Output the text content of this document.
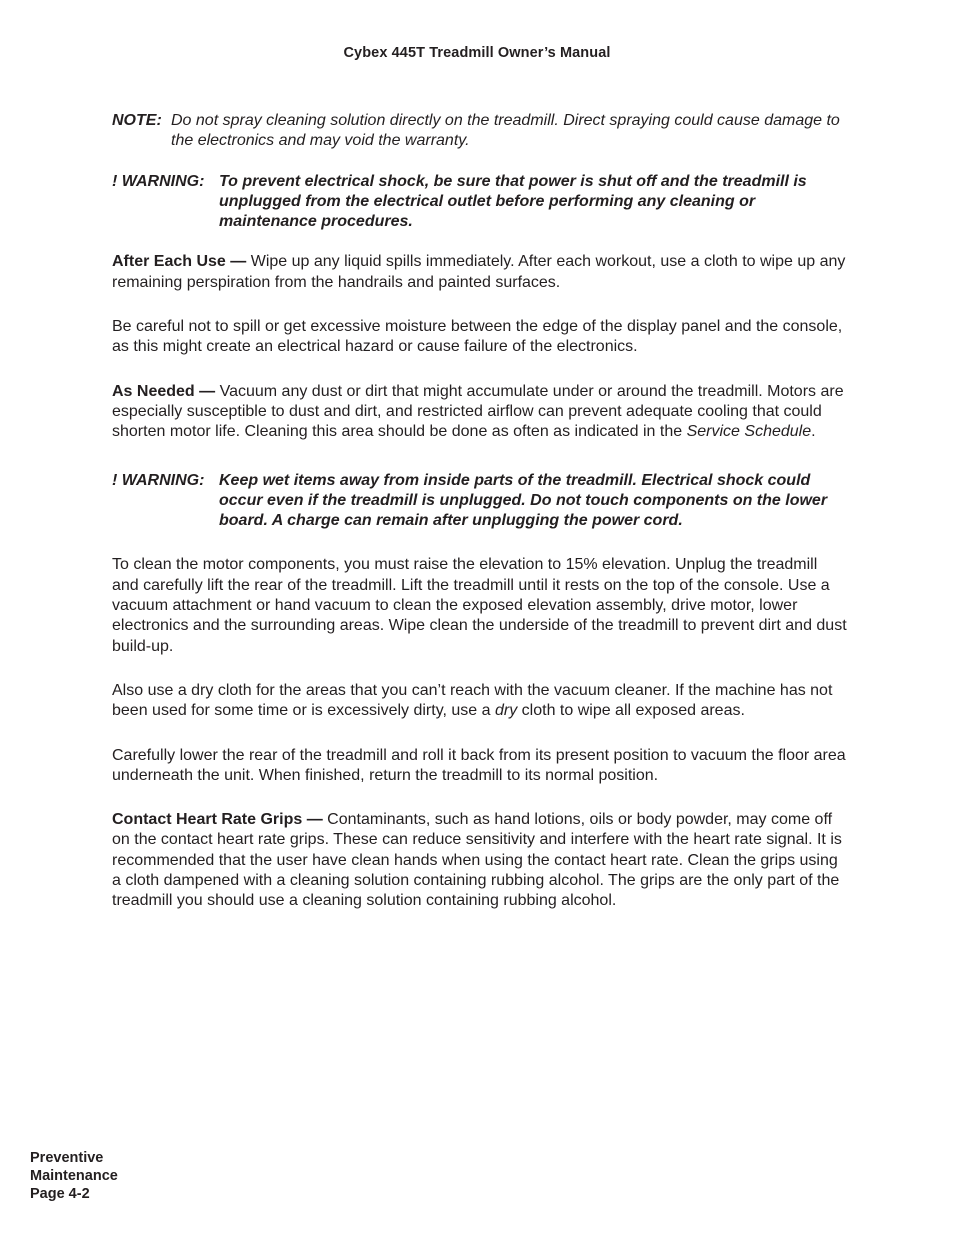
Cybex 445T Treadmill Owner’s Manual
NOTE: Do not spray cleaning solution directly on the treadmill. Direct spraying could cause damage to the electronics and may void the warranty.
! WARNING: To prevent electrical shock, be sure that power is shut off and the treadmill is unplugged from the electrical outlet before performing any cleaning or maintenance procedures.

After Each Use — Wipe up any liquid spills immediately. After each workout, use a cloth to wipe up any remaining perspiration from the handrails and painted surfaces.

Be careful not to spill or get excessive moisture between the edge of the display panel and the console, as this might create an electrical hazard or cause failure of the electronics.

As Needed — Vacuum any dust or dirt that might accumulate under or around the treadmill. Motors are especially susceptible to dust and dirt, and restricted airflow can prevent adequate cooling that could shorten motor life. Cleaning this area should be done as often as indicated in the Service Schedule.

! WARNING: Keep wet items away from inside parts of the treadmill. Electrical shock could occur even if the treadmill is unplugged. Do not touch components on the lower board. A charge can remain after unplugging the power cord.

To clean the motor components, you must raise the elevation to 15% elevation. Unplug the treadmill and carefully lift the rear of the treadmill. Lift the treadmill until it rests on the top of the console. Use a vacuum attachment or hand vacuum to clean the exposed elevation assembly, drive motor, lower electronics and the surrounding areas. Wipe clean the underside of the treadmill to prevent dirt and dust build-up.

Also use a dry cloth for the areas that you can’t reach with the vacuum cleaner. If the machine has not been used for some time or is excessively dirty, use a dry cloth to wipe all exposed areas.

Carefully lower the rear of the treadmill and roll it back from its present position to vacuum the floor area underneath the unit. When finished, return the treadmill to its normal position.

Contact Heart Rate Grips — Contaminants, such as hand lotions, oils or body powder, may come off on the contact heart rate grips. These can reduce sensitivity and interfere with the heart rate signal. It is recommended that the user have clean hands when using the contact heart rate. Clean the grips using a cloth dampened with a cleaning solution containing rubbing alcohol. The grips are the only part of the treadmill you should use a cleaning solution containing rubbing alcohol.

Preventive
Maintenance
Page 4-2
